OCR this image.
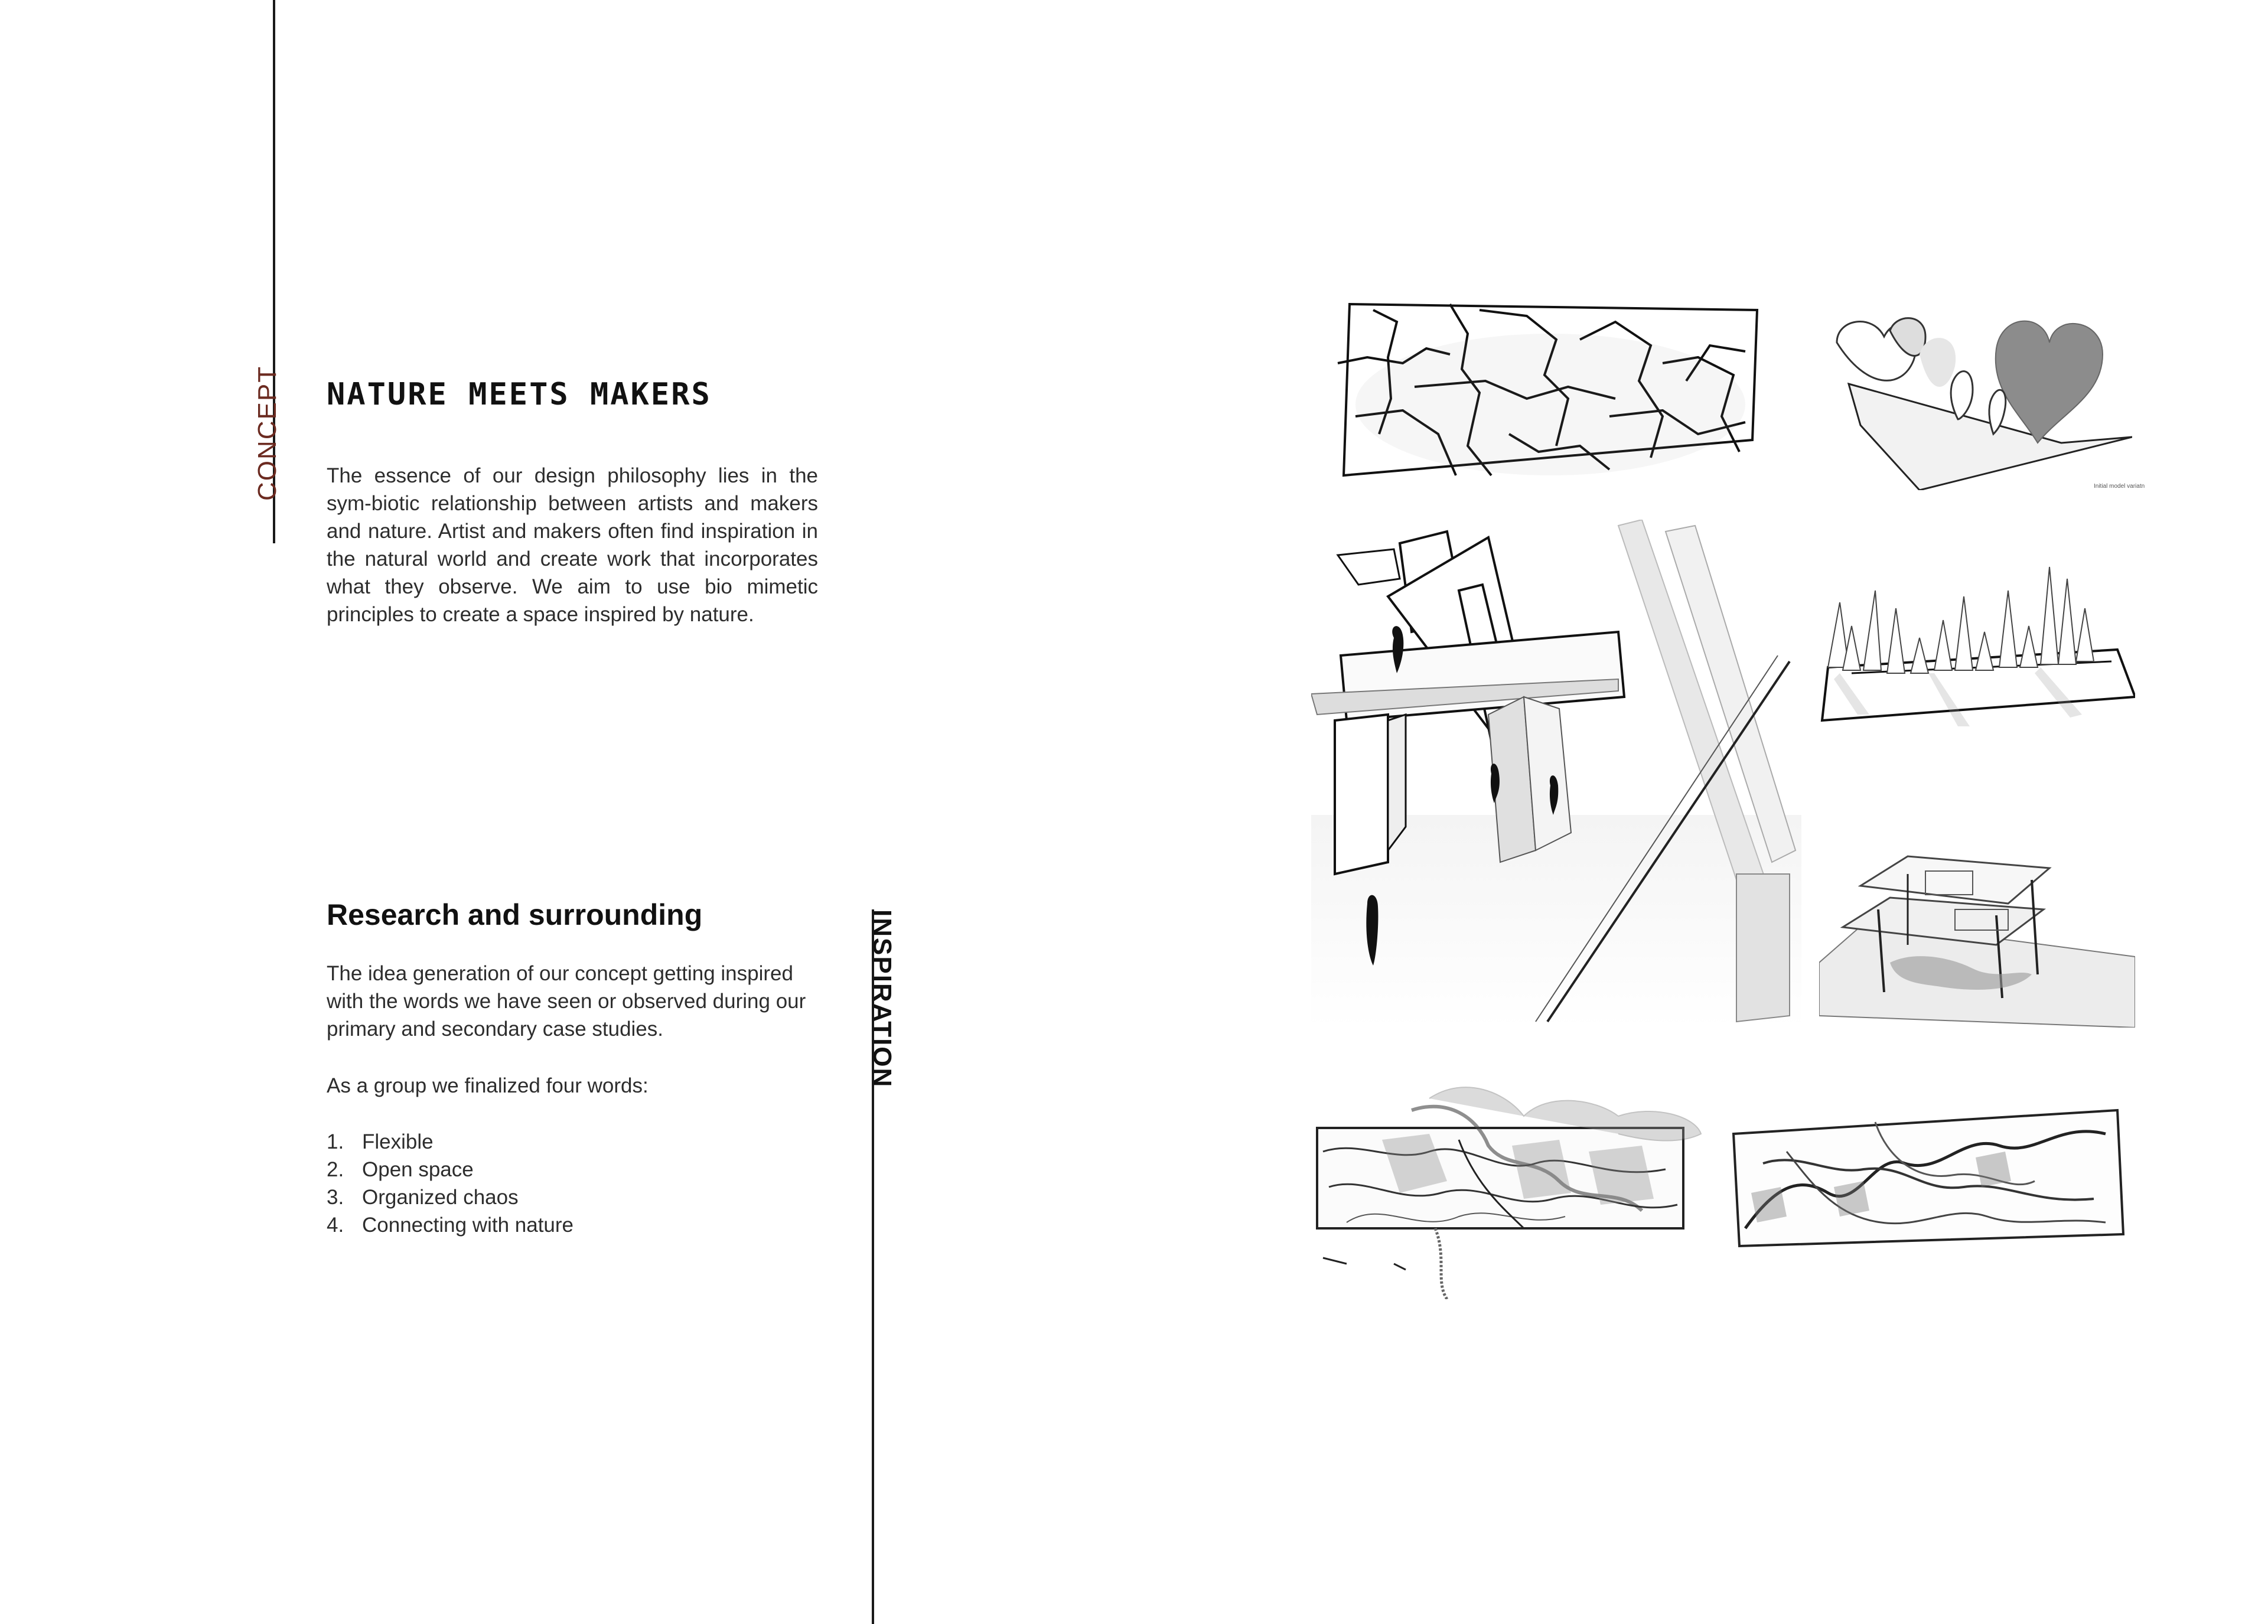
CONCEPT
INSPIRATION
NATURE MEETS MAKERS
The essence of our design philosophy lies in the sym-biotic relationship between artists and makers and nature. Artist and makers often find inspiration in the natural world and create work that incorporates what they observe. We aim to use bio mimetic principles to create a space inspired by nature.
Research and surrounding
The idea generation of our concept getting inspired with the words we have seen or observed during our primary and secondary case studies.
As a group we finalized four words:
1. Flexible
2. Open space
3. Organized chaos
4. Connecting with nature
Initial model variatn
